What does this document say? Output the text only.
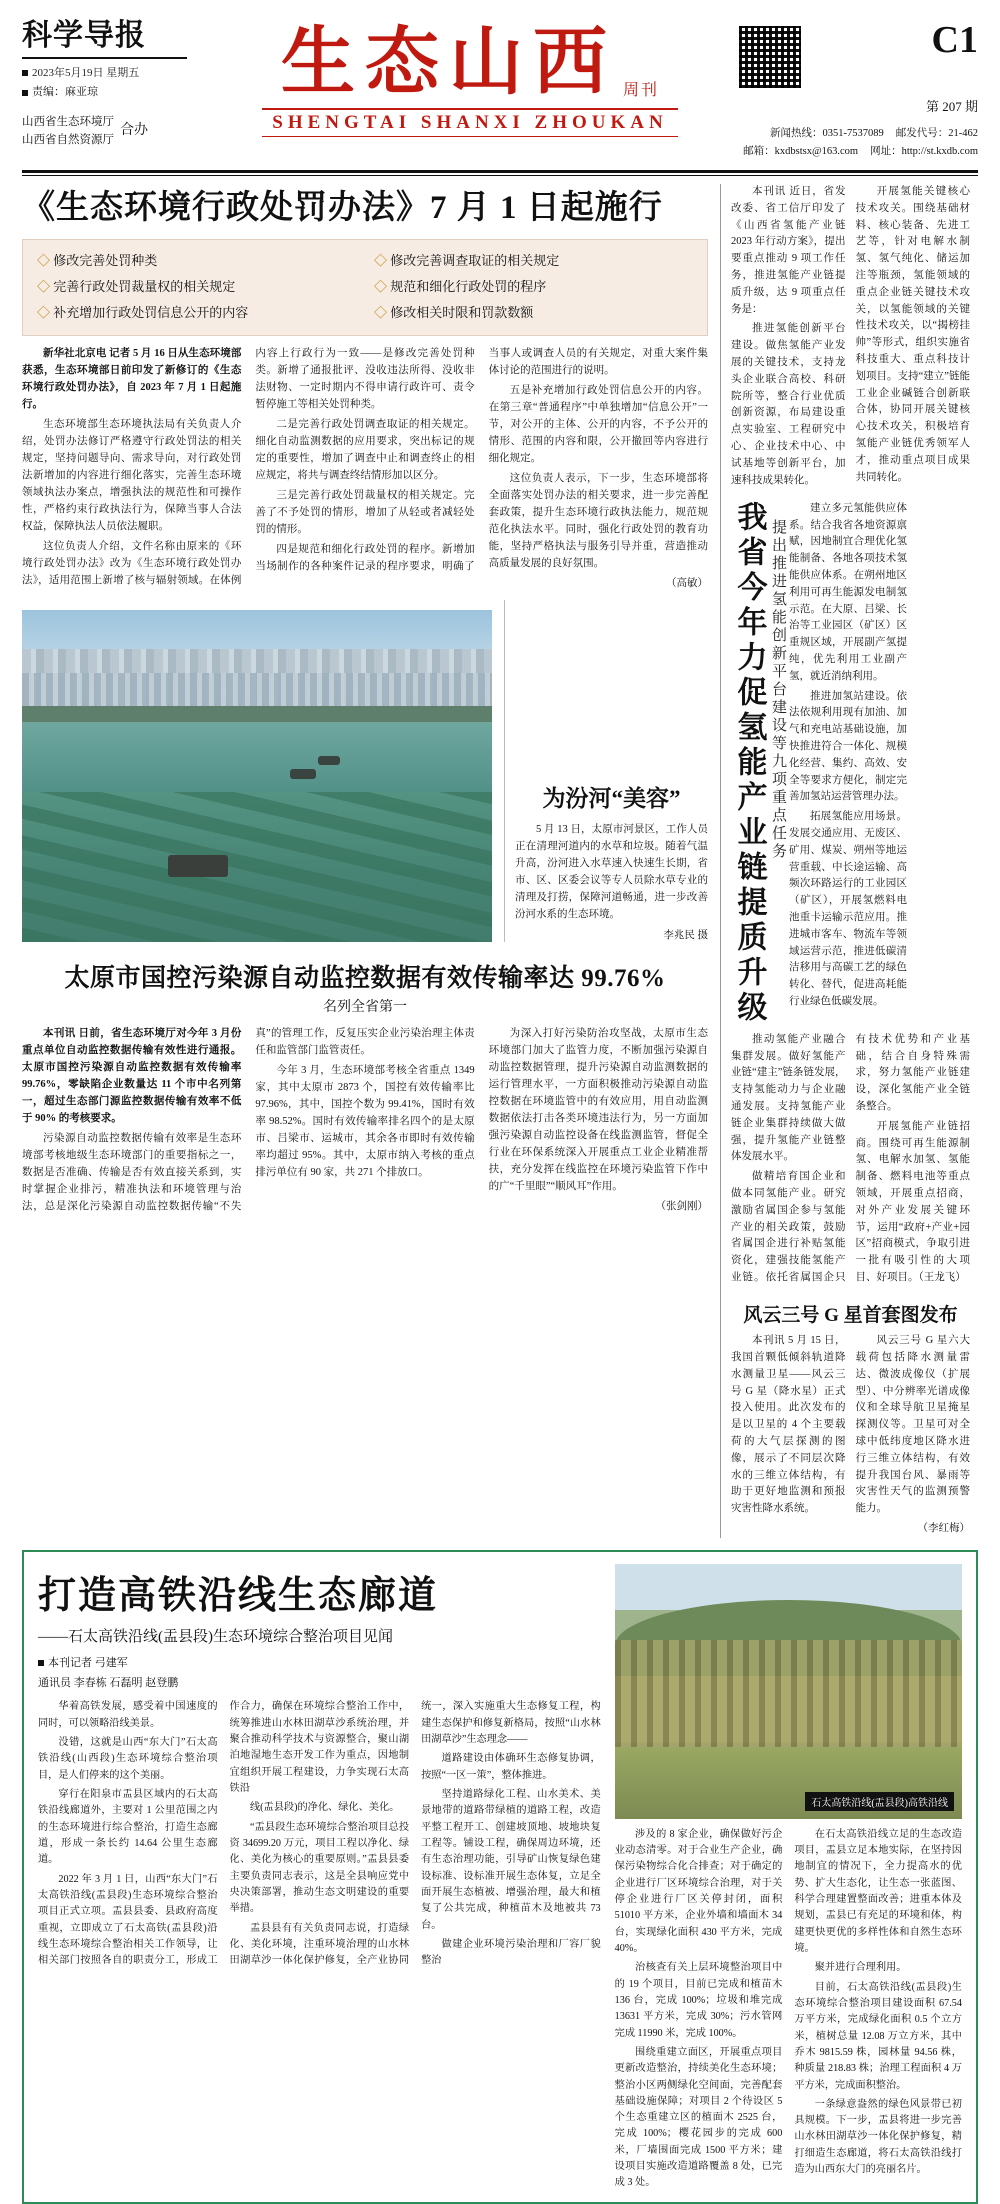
科学导报
2023年5月19日 星期五
责编：麻亚琼
山西省生态环境厅
山西省自然资源厅
合办
生态山西 周刊
SHENGTAI SHANXI ZHOUKAN
C1
第 207 期
新闻热线：0351-7537089 邮发代号：21-462
邮箱：kxdbstsx@163.com 网址：http://st.kxdb.com
《生态环境行政处罚办法》7 月 1 日起施行
◇ 修改完善处罚种类	◇ 修改完善调查取证的相关规定
◇ 完善行政处罚裁量权的相关规定	◇ 规范和细化行政处罚的程序
◇ 补充增加行政处罚信息公开的内容	◇ 修改相关时限和罚款数额

新华社北京电 记者 5 月 16 日从生态环境部获悉，生态环境部日前印发了新修订的《生态环境行政处罚办法》，自 2023 年 7 月 1 日起施行。

生态环境部生态环境执法局有关负责人介绍，处罚办法修订严格遵守行政处罚法的相关规定，坚持问题导向、需求导向，对行政处罚法新增加的内容进行细化落实，完善生态环境领域执法办案点，增强执法的规范性和可操作性，严格约束行政执法行为，保障当事人合法权益，保障执法人员依法履职。

这位负责人介绍，文件名称由原来的《环境行政处罚办法》改为《生态环境行政处罚办法》，适用范围上新增了核与辐射领域。在体例内容上行政行为一致——是修改完善处罚种类。新增了通报批评、没收违法所得、没收非法财物、一定时期内不得申请行政许可、责令暂停施工等相关处罚种类。

二是完善行政处罚调查取证的相关规定。细化自动监测数据的应用要求，突出标记的规定的重要性，增加了调查中止和调查终止的相应规定，将共与调查终结情形加以区分。

三是完善行政处罚裁量权的相关规定。完善了不予处罚的情形，增加了从轻或者减轻处罚的情形。

四是规范和细化行政处罚的程序。新增加当场制作的各种案件记录的程序要求，明确了当事人或调查人员的有关规定，对重大案件集体讨论的范围进行的说明。

五是补充增加行政处罚信息公开的内容。在第三章“普通程序”中单独增加“信息公开”一节，对公开的主体、公开的内容，不予公开的情形、范围的内容和限，公开撤回等内容进行细化规定。

这位负责人表示，下一步，生态环境部将全面落实处罚办法的相关要求，进一步完善配套政策，提升生态环境行政执法能力，规范规范化执法水平。同时，强化行政处罚的教育功能，坚持严格执法与服务引导并重，营造推动高质量发展的良好氛围。

（高敏）

为汾河“美容”
5 月 13 日，太原市河景区，工作人员正在清理河道内的水草和垃圾。随着气温升高，汾河进入水草速入快速生长期，省市、区、区委会议等专人员除水草专业的清理及打捞，保障河道畅通，进一步改善汾河水系的生态环境。
李兆民 摄
太原市国控污染源自动监控数据有效传输率达 99.76%
名列全省第一

本刊讯 日前，省生态环境厅对今年 3 月份重点单位自动监控数据传输有效性进行通报。太原市国控污染源自动监控数据有效传输率 99.76%，零缺陷企业数量达 11 个市中名列第一，超过生态部门源监控数据传输有效率不低于 90% 的考核要求。

污染源自动监控数据传输有效率是生态环境部考核地级生态环境部门的重要指标之一，数据是否准确、传输是否有效直接关系到，实时掌握企业排污，精准执法和环境管理与治法，总是深化污染源自动监控数据传输“不失真”的管理工作，反复压实企业污染治理主体责任和监管部门监管责任。

今年 3 月，生态环境部考核全省重点 1349 家，其中太原市 2873 个，国控有效传输率比 97.96%，其中，国控个数为 99.41%，国时有效率 98.52%。国时有效传输率排名四个的是太原市、吕梁市、运城市，其余各市即时有效传输率均超过 95%。其中，太原市纳入考核的重点排污单位有 90 家，共 271 个排放口。

为深入打好污染防治攻坚战，太原市生态环境部门加大了监管力度，不断加强污染源自动监控数据管理，提升污染源自动监测数据的运行管理水平，一方面积极推动污染源自动监控数据在环境监管中的有效应用，用自动监测数据依法打击各类环境违法行为，另一方面加强污染源自动监控设备在线监测监管，督促全行业在环保系统深入开展重点工业企业精准帮扶，充分发挥在线监控在环境污染监管下作中的广“千里眼”“顺风耳”作用。

（张剑刚）

本刊讯 近日，省发改委、省工信厅印发了《山西省氢能产业链 2023 年行动方案》，提出要重点推动 9 项工作任务，推进氢能产业链提质升级，达 9 项重点任务是：

推进氢能创新平台建设。做焦氢能产业发展的关键技术，支持龙头企业联合高校、科研院所等，整合行业优质创新资源，布局建设重点实验室、工程研究中心、企业技术中心、中试基地等创新平台，加速科技成果转化。

开展氢能关键核心技术攻关。围绕基础材料、核心装备、先进工艺等，针对电解水制氢、氢气纯化、储运加注等瓶颈，氢能领域的重点企业链关键技术攻关，以氢能领域的关键性技术攻关，以“揭榜挂帅”等形式，组织实施省科技重大、重点科技计划项目。支持“建立”链能工业企业碱链合创新联合体，协同开展关键核心技术攻关，积极培育氢能产业链优秀领军人才，推动重点项目成果共同转化。

我省今年力促氢能产业链提质升级 提出推进氢能创新平台建设等九项重点任务

建立多元氢能供应体系。结合我省各地资源禀赋，因地制宜合理优化氢能制备、各地各项技术氢能供应体系。在朔州地区利用可再生能源发电制氢示范。在大原、吕梁、长治等工业园区（矿区）区重规区域，开展副产氢提纯，优先利用工业副产氢，就近消纳利用。

推进加氢站建设。依法依规利用现有加油、加气和充电站基础设施，加快推进符合一体化、规模化经营、集约、高效、安全等要求方便化，制定完善加氢站运营管理办法。

拓展氢能应用场景。发展交通应用、无废区、矿用、煤炭、朔州等地运营重载、中长途运输、高频次环路运行的工业园区（矿区），开展氢燃料电池重卡运输示范应用。推进城市客车、物流车等领域运营示范，推进低碳清洁移用与高碳工艺的绿色转化、替代，促进高耗能行业绿色低碳发展。

推动氢能产业融合集群发展。做好氢能产业链“建主”链条链发展，支持氢能动力与企业融通发展。支持氢能产业链企业集群持续做大做强，提升氢能产业链整体发展水平。

做精培育国企业和做本同氢能产业。研究激励省属国企参与氢能产业的相关政策，鼓励省属国企进行补贴氢能资化，建强技能氢能产业链。依托省属国企只有技术优势和产业基础，结合自身特殊需求，努力氢能产业链建设，深化氢能产业全链条整合。

开展氢能产业链招商。围绕可再生能源制氢、电解水加氢、氢能制备、燃料电池等重点领域，开展重点招商，对外产业发展关键环节，运用“政府+产业+园区”招商模式，争取引进一批有吸引性的大项目、好项目。（王龙飞）

风云三号 G 星首套图发布

本刊讯 5 月 15 日，我国首颗低倾斜轨道降水测量卫星——风云三号 G 星（降水星）正式投入使用。此次发布的是以卫星的 4 个主要载荷的大气层探测的图像，展示了不同层次降水的三维立体结构，有助于更好地监测和预报灾害性降水系统。

风云三号 G 星六大载荷包括降水测量雷达、微波成像仪（扩展型）、中分辨率光谱成像仪和全球导航卫星掩星探测仪等。卫星可对全球中低纬度地区降水进行三维立体结构，有效提升我国台风、暴雨等灾害性天气的监测预警能力。

（李红梅）

打造高铁沿线生态廊道
——石太高铁沿线(盂县段)生态环境综合整治项目见闻
本刊记者 弓建军
通讯员 李春栋 石磊明 赵登鹏

华着高铁发展，感受着中国速度的同时，可以领略沿线美景。

没错，这就是山西“东大门”石太高铁沿线(山西段)生态环境综合整治项目，是人们停来的这个美丽。

穿行在阳泉市盂县区域内的石太高铁沿线廊道外，主要对 1 公里范围之内的生态环境进行综合整治，打造生态廊道，形成一条长约 14.64 公里生态廊道。

2022 年 3 月 1 日，山西“东大门”石太高铁沿线(盂县段)生态环境综合整治项目正式立项。盂县县委、县政府高度重视，立即成立了石太高铁(盂县段)沿线生态环境综合整治相关工作领导，让相关部门按照各自的职责分工，形成工作合力，确保在环境综合整治工作中，统筹推进山水林田湖草沙系统治理，并聚合推动科学技术与资源整合，聚山湖泊地湿地生态开发工作为重点，因地制宜组织开展工程建设，力争实现石太高铁沿

线(盂县段)的净化、绿化、美化。

“盂县段生态环境综合整治项目总投资 34699.20 万元，项目工程以净化、绿化、美化为核心的重要原则。”盂县县委主要负责同志表示，这是全县响应党中央决策部署，推动生态文明建设的重要举措。

盂县县有有关负责同志说，打造绿化、美化环境，注重环境治理的山水林田湖草沙一体化保护修复，全产业协同统一，深入实施重大生态修复工程，构建生态保护和修复新格局，按照“山水林田湖草沙”生态理念——

道路建设由体确环生态修复协调，按照“一区一策”，整体推进。

坚持道路绿化工程、山水美术、美景地带的道路带绿植的道路工程，改造平整工程开工、创建坡顶地、坡地块复工程等。铺设工程，确保周边环境，还有生态治理功能，引导矿山恢复绿色建设标准、设标准开展生态体复，立足全面开展生态植被、增强治理，最大和植复了公共完成，种植苗木及地被共 73 台。

做建企业环境污染治理和厂容厂貌整治

石太高铁沿线(盂县段)高铁沿线

涉及的 8 家企业，确保做好污企业动态清零。对于合业生产企业，确保污染物综合化合排查；对于确定的企业进行厂区环境综合治理，对于关停企业进行厂区关停封闭，面积 51010 平方米，企业外墙和墙面木 34 台，实现绿化面积 430 平方米，完成 40%。

治核查有关上层环境整治项目中的 19 个项目，目前已完成和植苗木 136 台，完成 100%；垃圾和堆完成 13631 平方米，完成 30%；污水管网完成 11990 米，完成 100%。

围绕重建立面区，开展重点项目更新改造整治，持续美化生态环境；整治小区两侧绿化空间面，完善配套基础设施保障；对项目 2 个待设区 5 个生态重建立区的植面木 2525 台，完成 100%；樱花园步的完成 600 米，厂墙围面完成 1500 平方米；建设项目实施改造道路覆盖 8 处，已完成 3 处。

在石太高铁沿线立足的生态改造项目，盂县立足本地实际，在坚持因地制宜的情况下，全力提高水的优势、扩大生态化，让生态一张蓝图、科学合理建置整面改善；进重本体及规划，盂县已有充足的环境和体，构建更快更优的多样性体和自然生态环境。

聚并进行合理利用。

目前，石太高铁沿线(盂县段)生态环境综合整治项目建设面积 67.54 万平方米，完成绿化面积 0.5 个立方米，植树总量 12.08 万立方米，其中乔木 9815.59 株，园林量 94.56 株，种质量 218.83 株；治理工程面积 4 万平方米，完成面积整治。

一条绿意盎然的绿色风景带已初具规模。下一步，盂县将进一步完善山水林田湖草沙一体化保护修复，精打细造生态廊道，将石太高铁沿线打造为山西东大门的亮丽名片。
